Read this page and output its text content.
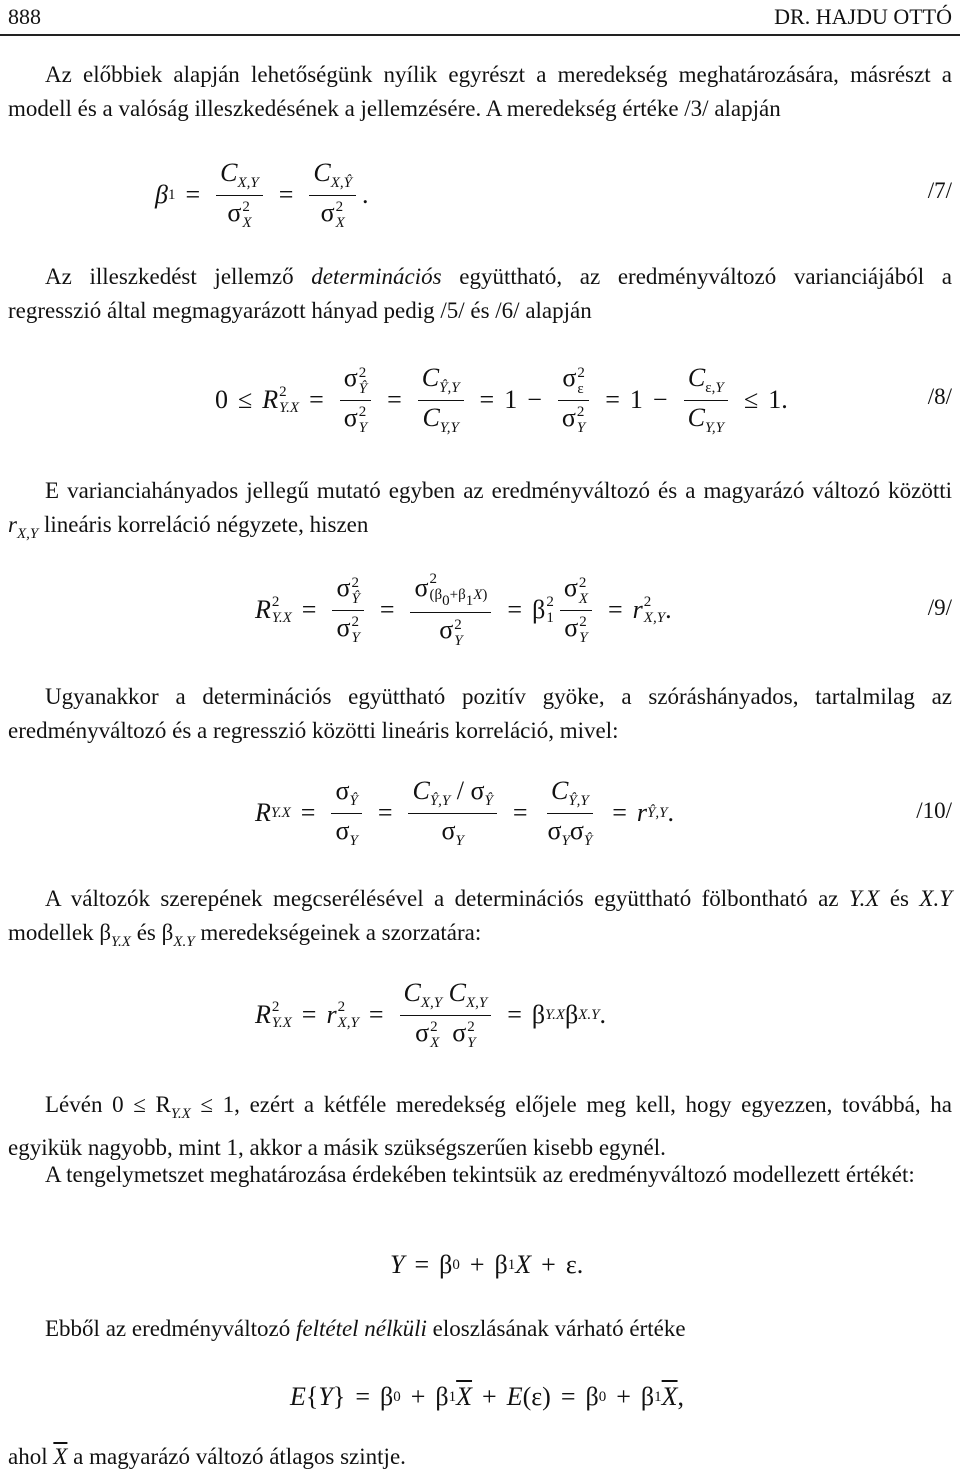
888	DR. HAJDU OTTÓ

Az előbbiek alapján lehetőségünk nyílik egyrészt a meredekség meghatározására, másrészt a modell és a valóság illeszkedésének a jellemzésére. A meredekség értéke /3/ alapján

β $1 = C_{X,Y}$
σ 2
$X = C_{X,Ŷ}$
σ 2
X .	/7/

Az illeszkedést jellemző determinációs együttható, az eredményváltozó varianciájából a regresszió által megmagyarázott hányad pedig /5/ és /6/ alapján

0 ≤ R 2
Y.X = σ 2
Ŷ
σ 2
$Y = \frac{C_{Ŷ,Y}}{C_{Y,Y}} = 1 - \sigma$ 2
ε
σ 2
$Y = 1 - \frac{C_{\varepsilon,Y}}{C_{Y,Y}} \le 1$.	/8/

E varianciahányados jellegű mutató egyben az eredményváltozó és a magyarázó változó közötti $r_{X,Y}$ lineáris korreláció négyzete, hiszen

R 2
Y.X = σ 2
Ŷ
σ 2
Y = σ 2
$(\beta_0+\beta_1X)$
σ 2
Y = β 2
1 σ 2
X
σ 2
Y = r 2
X,Y .	/9/

Ugyanakkor a determinációs együttható pozitív gyöke, a szóráshányados, tartalmilag az eredményváltozó és a regresszió közötti lineáris korreláció, mivel:

R $Y.X = \frac{\sigma_Ŷ}{\sigma_Y} = \frac{C_{Ŷ,Y} / \sigma_Ŷ}{\sigma_Y} = \frac{C_{Ŷ,Y}}{\sigma_Y\sigma_Ŷ} = r$ Ŷ,Y .	/10/

A változók szerepének megcserélésével a determinációs együttható fölbontható az Y.X és X.Y modellek $\beta_{Y.X}$ és $\beta_{X.Y}$ meredekségeinek a szorzatára:

R 2
Y.X = r 2
$X,Y = C_{X,Y}$ $C_{X,Y}$
σ 2
X σ 2
Y = β Y.X β X.Y .

Lévén $0 \le R_{Y.X} \le 1$, ezért a kétféle meredekség előjele meg kell, hogy egyezzen, továbbá, ha egyikük nagyobb, mint 1, akkor a másik szükségszerűen kisebb egynél.

A tengelymetszet meghatározása érdekében tekintsük az eredményváltozó modellezett értékét:

Y = β 0 + β 1 X + ε.

Ebből az eredményváltozó feltétel nélküli eloszlásának várható értéke

E { Y } = β 0 + β 1 $\overline{X} + E$ (ε) = β 0 + β 1 $\overline{X}$ ,

ahol $\overline{X}$ a magyarázó változó átlagos szintje.
